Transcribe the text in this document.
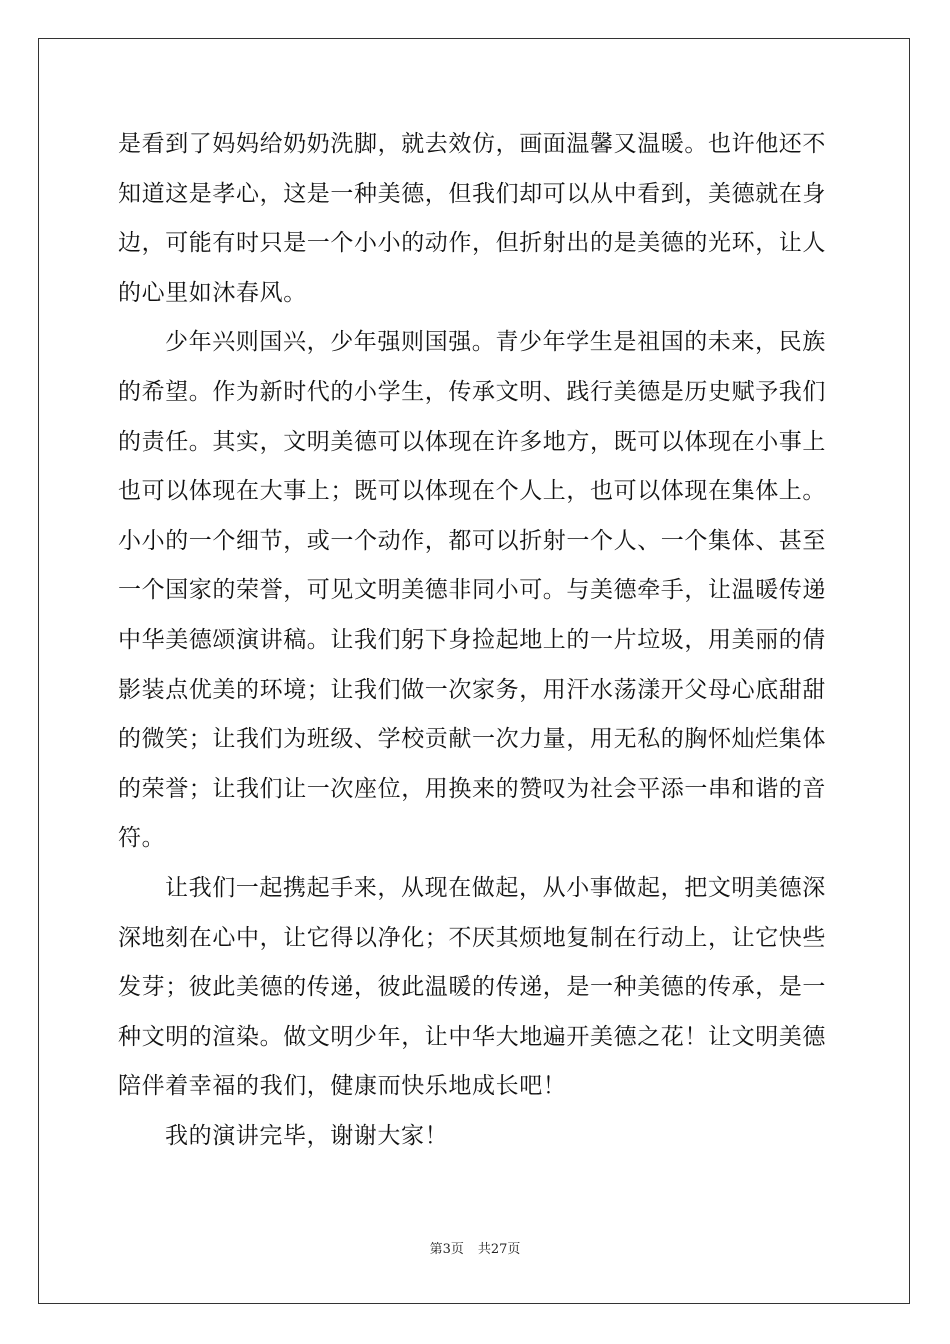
是看到了妈妈给奶奶洗脚，就去效仿，画面温馨又温暖。也许他还不
知道这是孝心，这是一种美德，但我们却可以从中看到，美德就在身
边，可能有时只是一个小小的动作，但折射出的是美德的光环，让人
的心里如沐春风。
少年兴则国兴，少年强则国强。青少年学生是祖国的未来，民族
的希望。作为新时代的小学生，传承文明、践行美德是历史赋予我们
的责任。其实，文明美德可以体现在许多地方，既可以体现在小事上
也可以体现在大事上；既可以体现在个人上，也可以体现在集体上。
小小的一个细节，或一个动作，都可以折射一个人、一个集体、甚至
一个国家的荣誉，可见文明美德非同小可。与美德牵手，让温暖传递
中华美德颂演讲稿。让我们躬下身捡起地上的一片垃圾，用美丽的倩
影装点优美的环境；让我们做一次家务，用汗水荡漾开父母心底甜甜
的微笑；让我们为班级、学校贡献一次力量，用无私的胸怀灿烂集体
的荣誉；让我们让一次座位，用换来的赞叹为社会平添一串和谐的音
符。
让我们一起携起手来，从现在做起，从小事做起，把文明美德深
深地刻在心中，让它得以净化；不厌其烦地复制在行动上，让它快些
发芽；彼此美德的传递，彼此温暖的传递，是一种美德的传承，是一
种文明的渲染。做文明少年，让中华大地遍开美德之花！让文明美德
陪伴着幸福的我们，健康而快乐地成长吧！
我的演讲完毕，谢谢大家！
第3页 共27页
